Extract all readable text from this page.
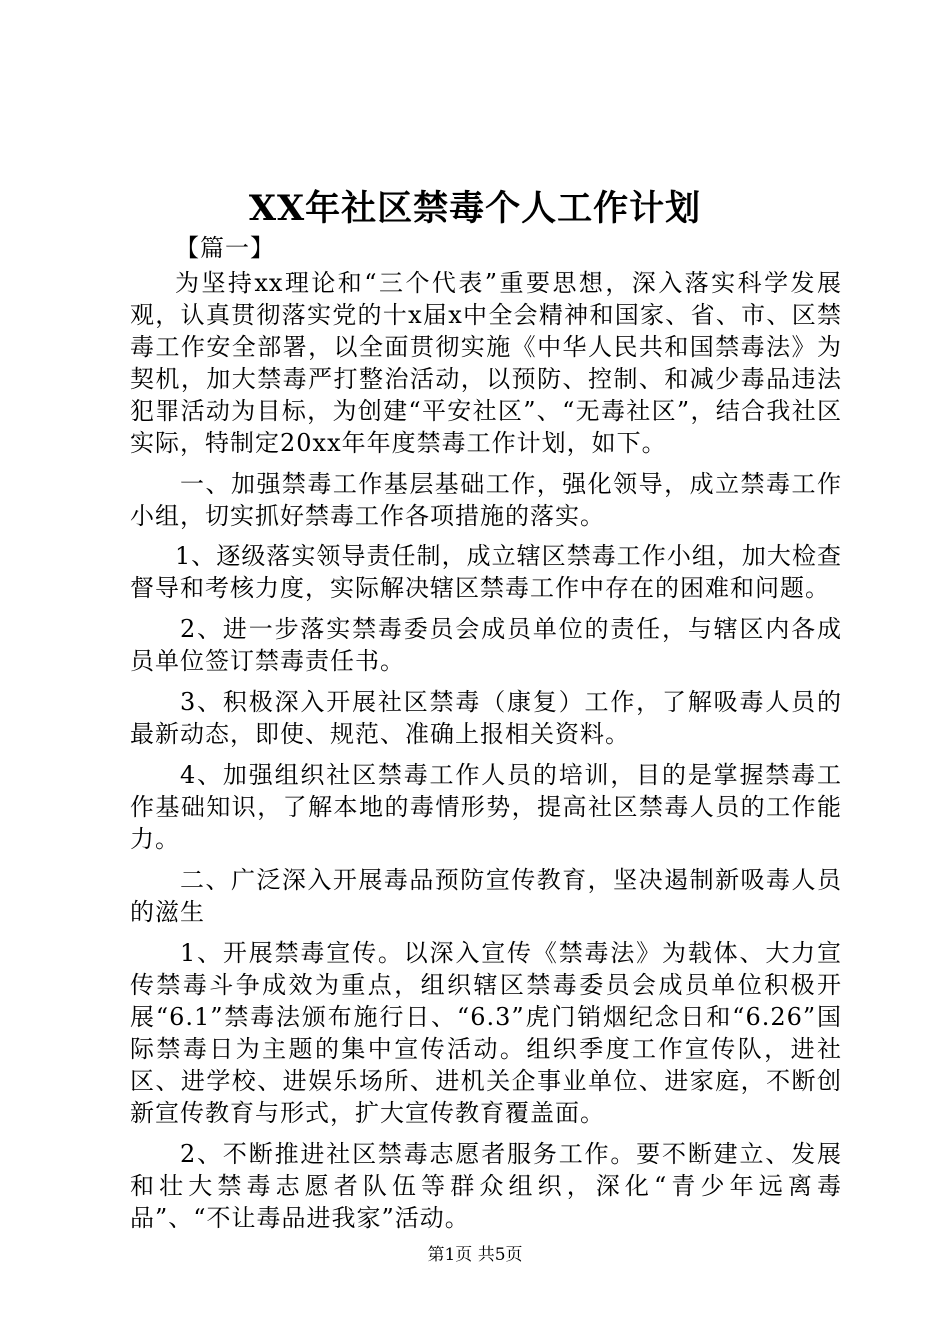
XX年社区禁毒个人工作计划
【篇一】

为坚持xx理论和“三个代表”重要思想，深入落实科学发展观，认真贯彻落实党的十x届x中全会精神和国家、省、市、区禁毒工作安全部署，以全面贯彻实施《中华人民共和国禁毒法》为契机，加大禁毒严打整治活动，以预防、控制、和减少毒品违法犯罪活动为目标，为创建“平安社区”、“无毒社区”，结合我社区实际，特制定20xx年年度禁毒工作计划，如下。

一、加强禁毒工作基层基础工作，强化领导，成立禁毒工作小组，切实抓好禁毒工作各项措施的落实。

1、逐级落实领导责任制，成立辖区禁毒工作小组，加大检查督导和考核力度，实际解决辖区禁毒工作中存在的困难和问题。

2、进一步落实禁毒委员会成员单位的责任，与辖区内各成员单位签订禁毒责任书。

3、积极深入开展社区禁毒（康复）工作，了解吸毒人员的最新动态，即使、规范、准确上报相关资料。

4、加强组织社区禁毒工作人员的培训，目的是掌握禁毒工作基础知识，了解本地的毒情形势，提高社区禁毒人员的工作能力。

二、广泛深入开展毒品预防宣传教育，坚决遏制新吸毒人员的滋生

1、开展禁毒宣传。以深入宣传《禁毒法》为载体、大力宣传禁毒斗争成效为重点，组织辖区禁毒委员会成员单位积极开展“6.1”禁毒法颁布施行日、“6.3”虎门销烟纪念日和“6.26”国际禁毒日为主题的集中宣传活动。组织季度工作宣传队，进社区、进学校、进娱乐场所、进机关企事业单位、进家庭，不断创新宣传教育与形式，扩大宣传教育覆盖面。

2、不断推进社区禁毒志愿者服务工作。要不断建立、发展和壮大禁毒志愿者队伍等群众组织，深化“青少年远离毒品”、“不让毒品进我家”活动。

第1页 共5页
